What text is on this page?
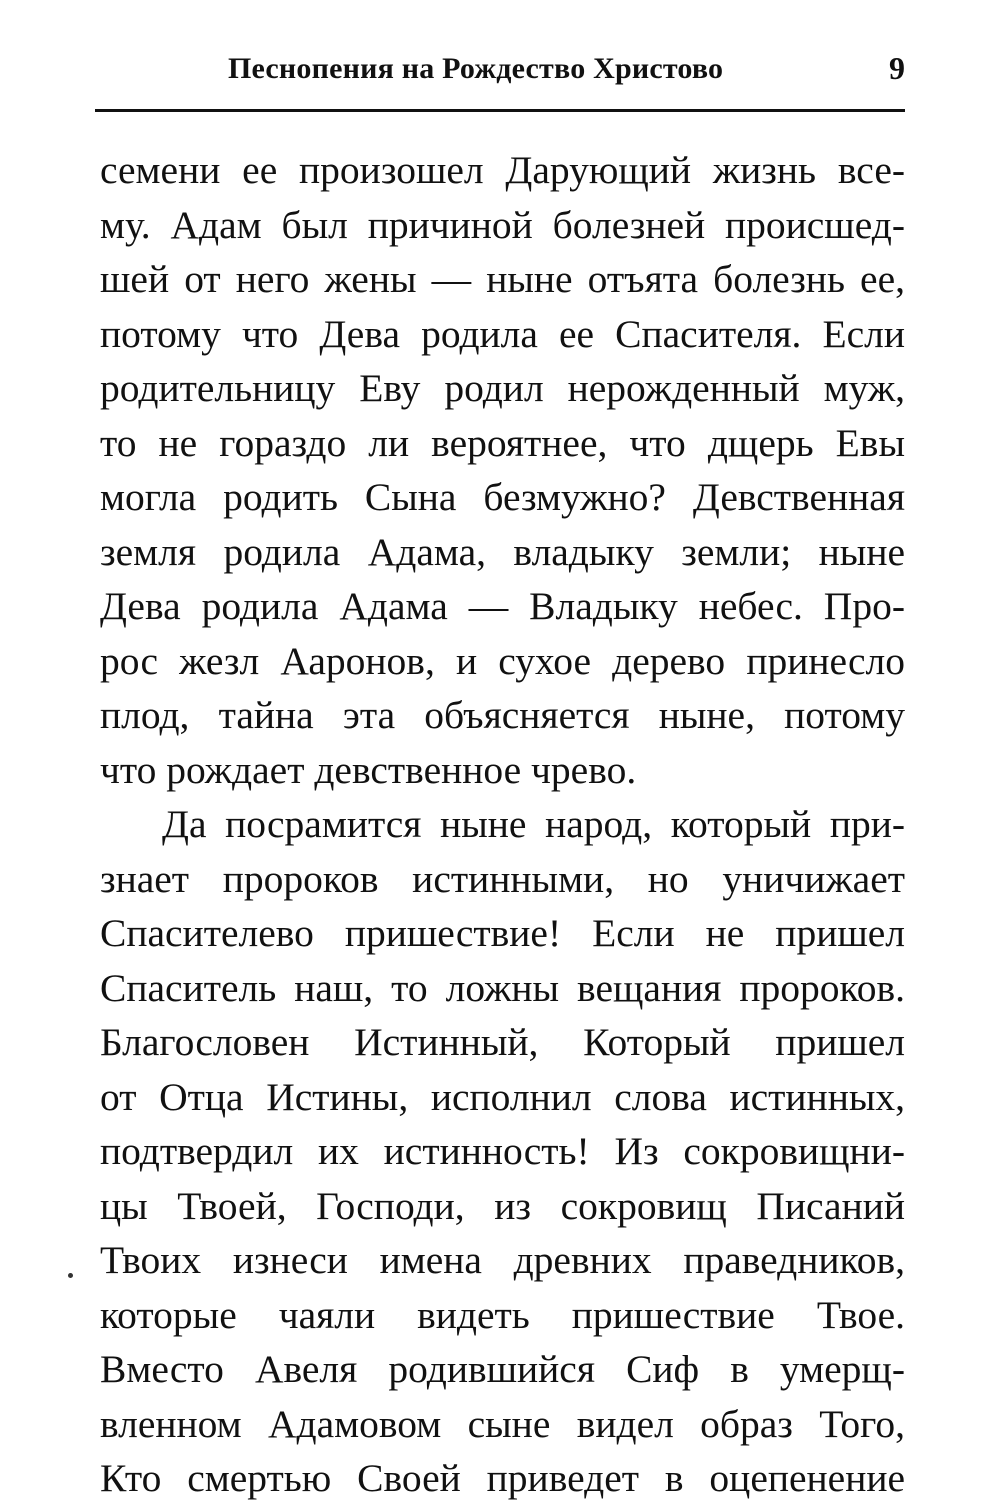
Песнопения на Рождество Христово	9
семени ее произошел Дарующий жизнь все-
му. Адам был причиной болезней происшед-
шей от него жены — ныне отъята болезнь ее,
потому что Дева родила ее Спасителя. Если
родительницу Еву родил нерожденный муж,
то не гораздо ли вероятнее, что дщерь Евы
могла родить Сына безмужно? Девственная
земля родила Адама, владыку земли; ныне
Дева родила Адама — Владыку небес. Про-
рос жезл Ааронов, и сухое дерево принесло
плод, тайна эта объясняется ныне, потому
что рождает девственное чрево.
Да посрамится ныне народ, который при-
знает пророков истинными, но уничижает
Спасителево пришествие! Если не пришел
Спаситель наш, то ложны вещания пророков.
Благословен Истинный, Который пришел
от Отца Истины, исполнил слова истинных,
подтвердил их истинность! Из сокровищни-
цы Твоей, Господи, из сокровищ Писаний
Твоих изнеси имена древних праведников,
которые чаяли видеть пришествие Твое.
Вместо Авеля родившийся Сиф в умерщ-
вленном Адамовом сыне видел образ Того,
Кто смертью Своей приведет в оцепенение
